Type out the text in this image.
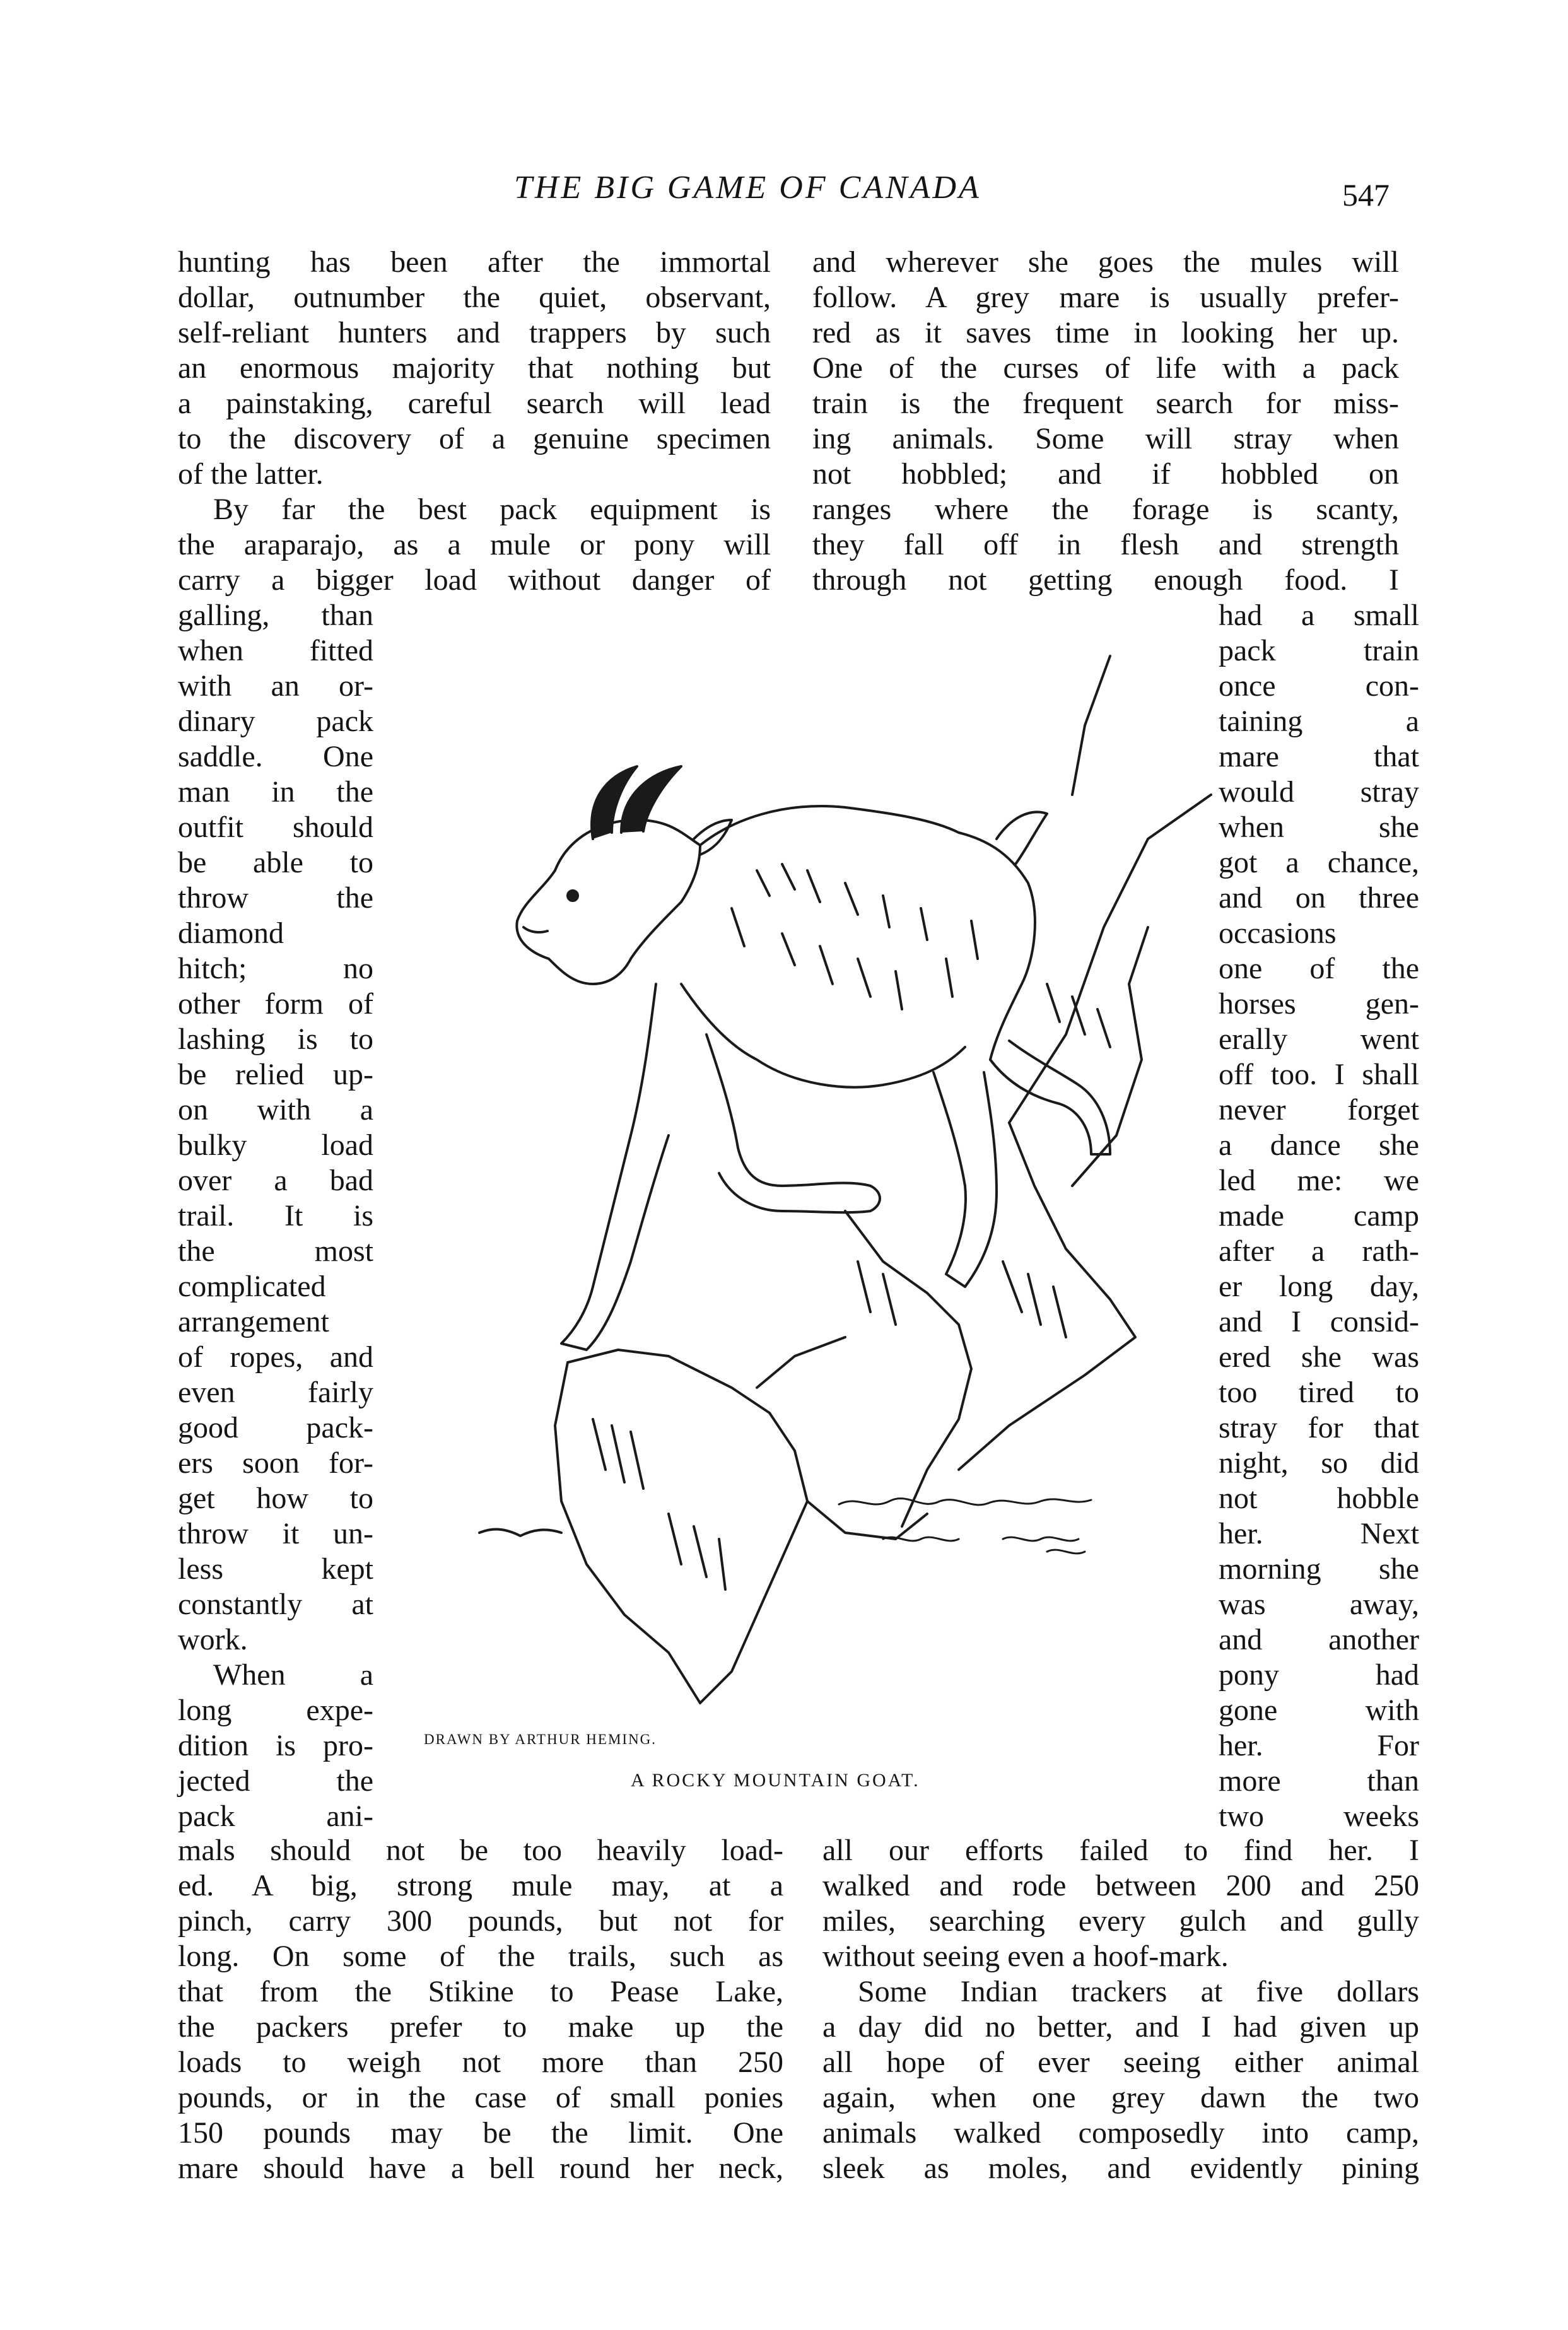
THE BIG GAME OF CANADA	547
hunting has been after the immortal
dollar, outnumber the quiet, observant,
self-reliant hunters and trappers by such
an enormous majority that nothing but
a painstaking, careful search will lead
to the discovery of a genuine specimen
of the latter.
By far the best pack equipment is
the araparajo, as a mule or pony will
carry a bigger load without danger of
galling, than
when fitted
with an or-
dinary pack
saddle. One
man in the
outfit should
be able to
throw the
diamond
hitch; no
other form of
lashing is to
be relied up-
on with a
bulky load
over a bad
trail. It is
the most
complicated
arrangement
of ropes, and
even fairly
good pack-
ers soon for-
get how to
throw it un-
less kept
constantly at
work.
When a
long expe-
dition is pro-
jected the
pack ani-
mals should not be too heavily load-
ed. A big, strong mule may, at a
pinch, carry 300 pounds, but not for
long. On some of the trails, such as
that from the Stikine to Pease Lake,
the packers prefer to make up the
loads to weigh not more than 250
pounds, or in the case of small ponies
150 pounds may be the limit. One
mare should have a bell round her neck,
and wherever she goes the mules will
follow. A grey mare is usually prefer-
red as it saves time in looking her up.
One of the curses of life with a pack
train is the frequent search for miss-
ing animals. Some will stray when
not hobbled; and if hobbled on
ranges where the forage is scanty,
they fall off in flesh and strength
through not getting enough food. I
had a small
pack train
once con-
taining a
mare that
would stray
when she
got a chance,
and on three
occasions
one of the
horses gen-
erally went
off too. I shall
never forget
a dance she
led me: we
made camp
after a rath-
er long day,
and I consid-
ered she was
too tired to
stray for that
night, so did
not hobble
her. Next
morning she
was away,
and another
pony had
gone with
her. For
more than
two weeks
all our efforts failed to find her. I
walked and rode between 200 and 250
miles, searching every gulch and gully
without seeing even a hoof-mark.
Some Indian trackers at five dollars
a day did no better, and I had given up
all hope of ever seeing either animal
again, when one grey dawn the two
animals walked composedly into camp,
sleek as moles, and evidently pining
DRAWN BY ARTHUR HEMING.
A ROCKY MOUNTAIN GOAT.
